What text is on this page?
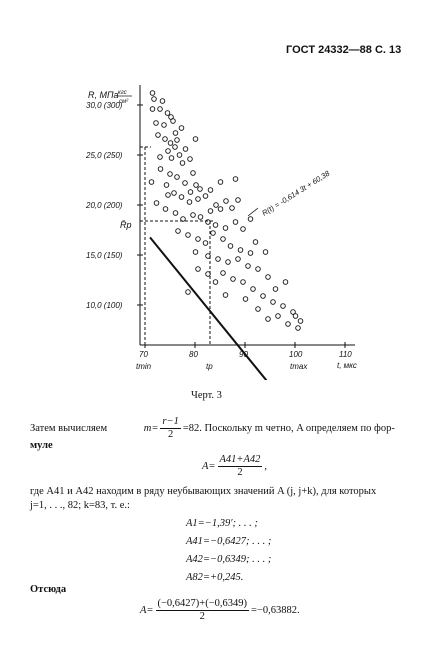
ГОСТ 24332—88 С. 13
10,0 (100)
15,0 (150)
20,0 (200)
25,0 (250)
30,0 (300)
70	80	90	100	110
R, МПа кгс
см²
t, мкс
R(t) = -0,614 3t + 60,38
R̄p
tmin	tp	tmax
Черт. 3
Затем вычисляем	$m= \frac{r-1}{2} =82$. Поскольку m четно, A определяем по фор-
муле
$A= \frac{A41+A42}{2}$ ,
где A41 и A42 находим в ряду неубывающих значений A (j, j+k), для которых
j=1, . . ., 82; k=83, т. е.:
A1=−1,39′; . . . ;
A41=−0,6427; . . . ;
A42=−0,6349; . . . ;
A82=+0,245.
Отсюда
$A= \frac{(-0,6427)+(-0,6349)}{2} =-0,63882$.
